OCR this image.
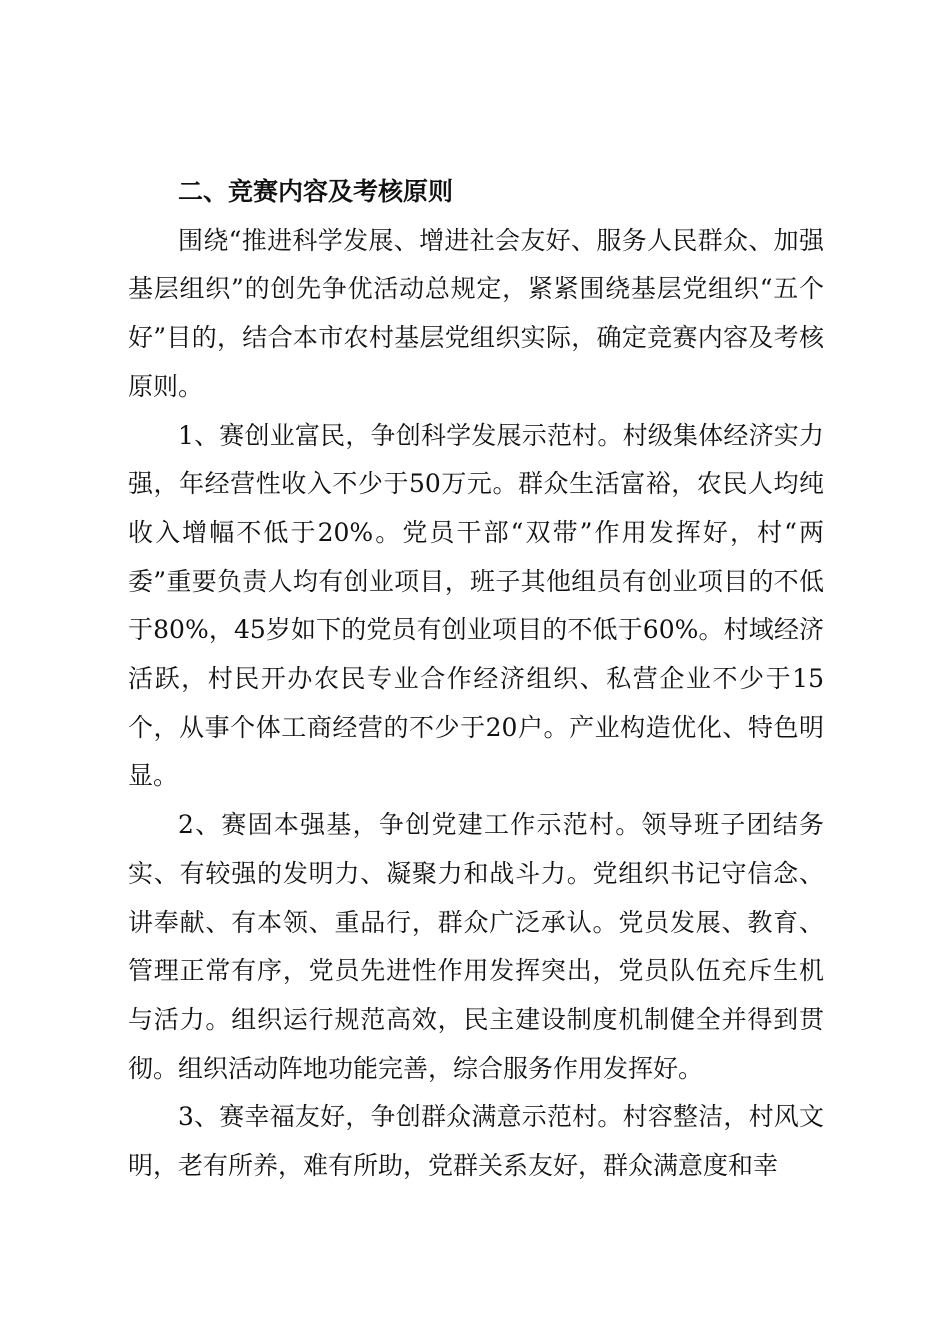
二、竞赛内容及考核原则

围绕“推进科学发展、增进社会友好、服务人民群众、加强基层组织”的创先争优活动总规定，紧紧围绕基层党组织“五个好”目的，结合本市农村基层党组织实际，确定竞赛内容及考核原则。

1、赛创业富民，争创科学发展示范村。村级集体经济实力强，年经营性收入不少于50万元。群众生活富裕，农民人均纯收入增幅不低于20%。党员干部“双带”作用发挥好，村“两委”重要负责人均有创业项目，班子其他组员有创业项目的不低于80%，45岁如下的党员有创业项目的不低于60%。村域经济活跃，村民开办农民专业合作经济组织、私营企业不少于15个，从事个体工商经营的不少于20户。产业构造优化、特色明显。

2、赛固本强基，争创党建工作示范村。领导班子团结务实、有较强的发明力、凝聚力和战斗力。党组织书记守信念、讲奉献、有本领、重品行，群众广泛承认。党员发展、教育、管理正常有序，党员先进性作用发挥突出，党员队伍充斥生机与活力。组织运行规范高效，民主建设制度机制健全并得到贯彻。组织活动阵地功能完善，综合服务作用发挥好。

3、赛幸福友好，争创群众满意示范村。村容整洁，村风文明，老有所养，难有所助，党群关系友好，群众满意度和幸
